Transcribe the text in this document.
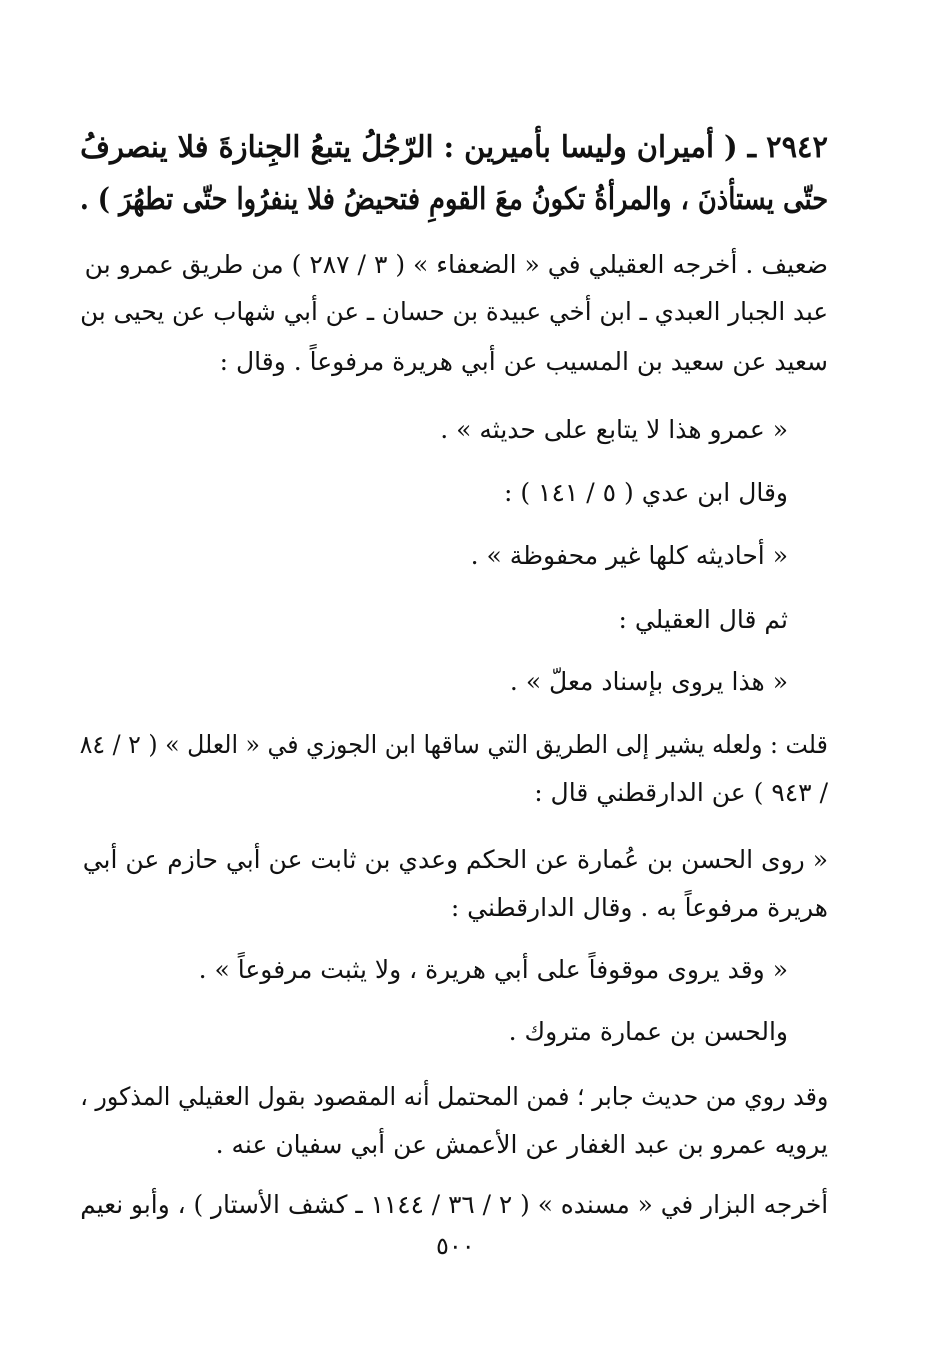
٢٩٤٢ ـ ( أميران وليسا بأميرين : الرّجُلُ يتبعُ الجِنازةَ فلا ينصرفُ
حتّى يستأذنَ ، والمرأةُ تكونُ معَ القومِ فتحيضُ فلا ينفرُوا حتّى تطهُرَ ) .
ضعيف . أخرجه العقيلي في « الضعفاء » ( ٣ / ٢٨٧ ) من طريق عمرو بن
عبد الجبار العبدي ـ ابن أخي عبيدة بن حسان ـ عن أبي شهاب عن يحيى بن
سعيد عن سعيد بن المسيب عن أبي هريرة مرفوعاً . وقال :
« عمرو هذا لا يتابع على حديثه » .
وقال ابن عدي ( ٥ / ١٤١ ) :
« أحاديثه كلها غير محفوظة » .
ثم قال العقيلي :
« هذا يروى بإسناد معلّ » .
قلت : ولعله يشير إلى الطريق التي ساقها ابن الجوزي في « العلل » ( ٢ / ٨٤
/ ٩٤٣ ) عن الدارقطني قال :
« روى الحسن بن عُمارة عن الحكم وعدي بن ثابت عن أبي حازم عن أبي
هريرة مرفوعاً به . وقال الدارقطني :
« وقد يروى موقوفاً على أبي هريرة ، ولا يثبت مرفوعاً » .
والحسن بن عمارة متروك .
وقد روي من حديث جابر ؛ فمن المحتمل أنه المقصود بقول العقيلي المذكور ،
يرويه عمرو بن عبد الغفار عن الأعمش عن أبي سفيان عنه .
أخرجه البزار في « مسنده » ( ٢ / ٣٦ / ١١٤٤ ـ كشف الأستار ) ، وأبو نعيم
٥٠٠
